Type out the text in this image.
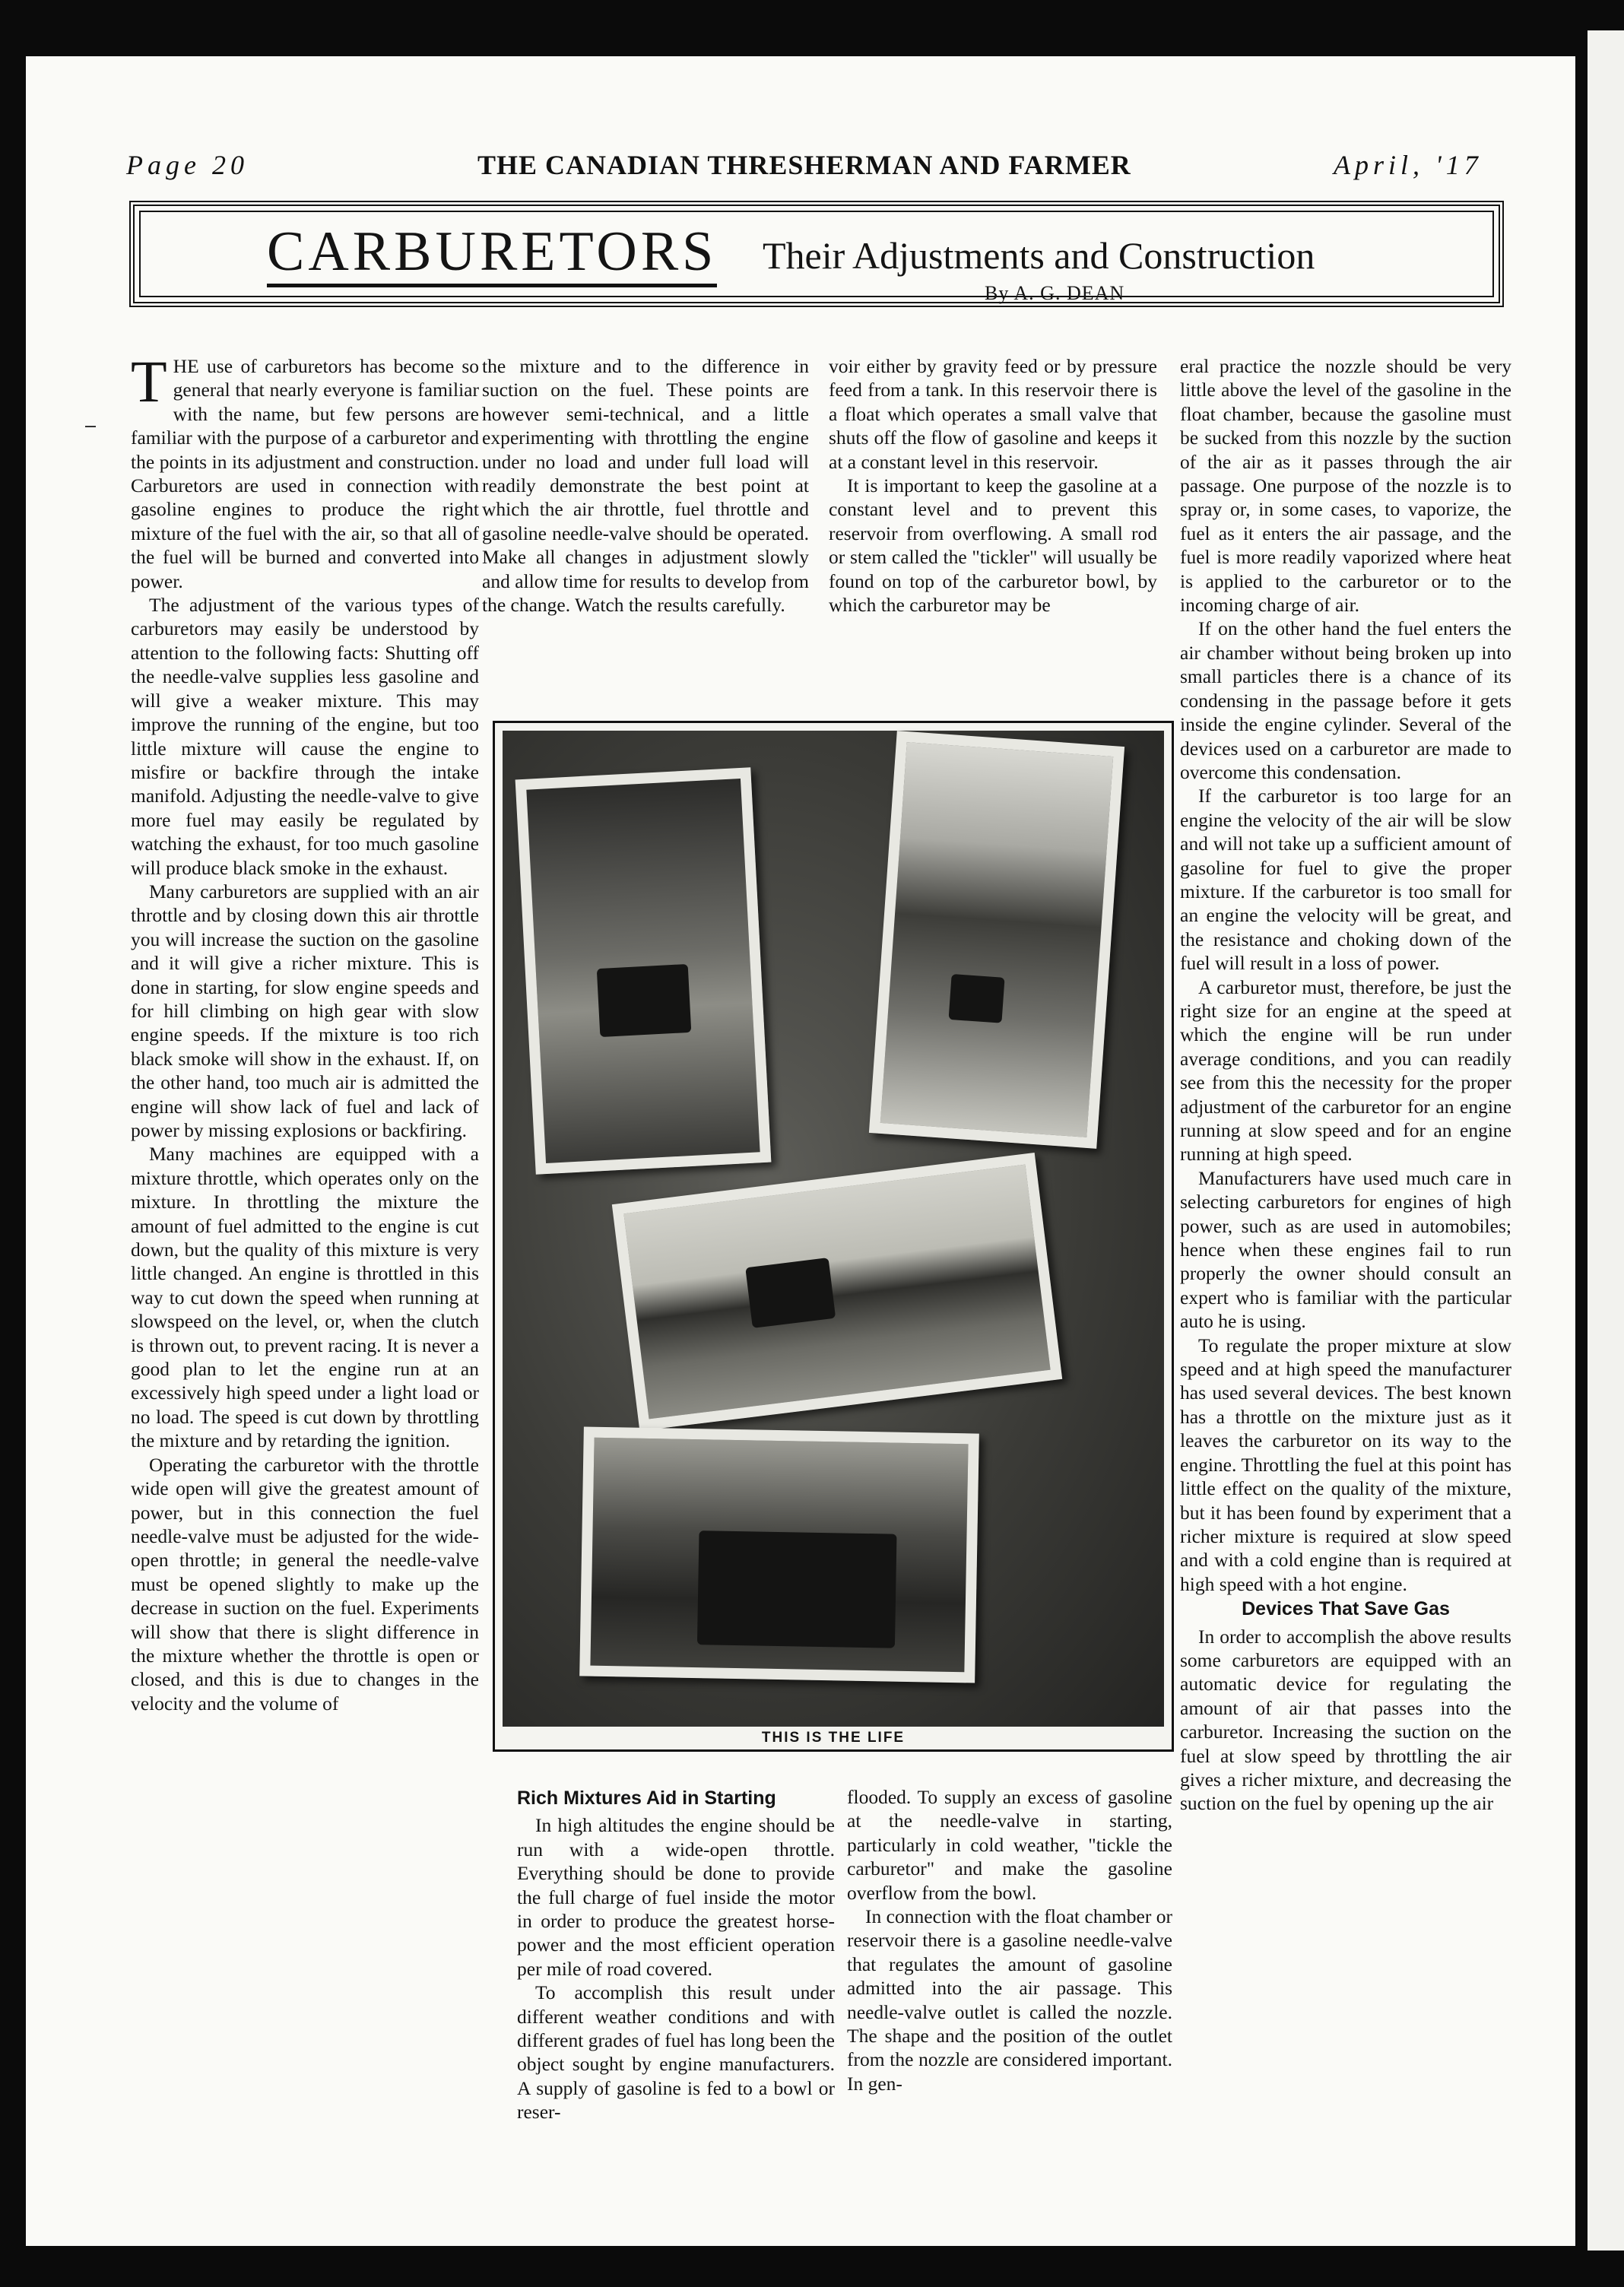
Page 20	THE CANADIAN THRESHERMAN AND FARMER	April, '17
CARBURETORS Their Adjustments and Construction
By A. G. DEAN

THE use of carburetors has become so general that nearly everyone is familiar with the name, but few persons are familiar with the purpose of a carburetor and the points in its adjustment and construction. Carburetors are used in connection with gasoline engines to produce the right mixture of the fuel with the air, so that all of the fuel will be burned and converted into power.

The adjustment of the various types of carburetors may easily be understood by attention to the following facts: Shutting off the needle-valve supplies less gasoline and will give a weaker mixture. This may improve the running of the engine, but too little mixture will cause the engine to misfire or backfire through the intake manifold. Adjusting the needle-valve to give more fuel may easily be regulated by watching the exhaust, for too much gasoline will produce black smoke in the exhaust.

Many carburetors are supplied with an air throttle and by closing down this air throttle you will increase the suction on the gasoline and it will give a richer mixture. This is done in starting, for slow engine speeds and for hill climbing on high gear with slow engine speeds. If the mixture is too rich black smoke will show in the exhaust. If, on the other hand, too much air is admitted the engine will show lack of fuel and lack of power by missing explosions or backfiring.

Many machines are equipped with a mixture throttle, which operates only on the mixture. In throttling the mixture the amount of fuel admitted to the engine is cut down, but the quality of this mixture is very little changed. An engine is throttled in this way to cut down the speed when running at slowspeed on the level, or, when the clutch is thrown out, to prevent racing. It is never a good plan to let the engine run at an excessively high speed under a light load or no load. The speed is cut down by throttling the mixture and by retarding the ignition.

Operating the carburetor with the throttle wide open will give the greatest amount of power, but in this connection the fuel needle-valve must be adjusted for the wide-open throttle; in general the needle-valve must be opened slightly to make up the decrease in suction on the fuel. Experiments will show that there is slight difference in the mixture whether the throttle is open or closed, and this is due to changes in the velocity and the volume of

the mixture and to the difference in suction on the fuel. These points are however semi-technical, and a little experimenting with throttling the engine under no load and under full load will readily demonstrate the best point at which the air throttle, fuel throttle and gasoline needle-valve should be operated. Make all changes in adjustment slowly and allow time for results to develop from the change. Watch the results carefully.

voir either by gravity feed or by pressure feed from a tank. In this reservoir there is a float which operates a small valve that shuts off the flow of gasoline and keeps it at a constant level in this reservoir.

It is important to keep the gasoline at a constant level and to prevent this reservoir from overflowing. A small rod or stem called the "tickler" will usually be found on top of the carburetor bowl, by which the carburetor may be

eral practice the nozzle should be very little above the level of the gasoline in the float chamber, because the gasoline must be sucked from this nozzle by the suction of the air as it passes through the air passage. One purpose of the nozzle is to spray or, in some cases, to vaporize, the fuel as it enters the air passage, and the fuel is more readily vaporized where heat is applied to the carburetor or to the incoming charge of air.

If on the other hand the fuel enters the air chamber without being broken up into small particles there is a chance of its condensing in the passage before it gets inside the engine cylinder. Several of the devices used on a carburetor are made to overcome this condensation.

If the carburetor is too large for an engine the velocity of the air will be slow and will not take up a sufficient amount of gasoline for fuel to give the proper mixture. If the carburetor is too small for an engine the velocity will be great, and the resistance and choking down of the fuel will result in a loss of power.

A carburetor must, therefore, be just the right size for an engine at the speed at which the engine will be run under average conditions, and you can readily see from this the necessity for the proper adjustment of the carburetor for an engine running at slow speed and for an engine running at high speed.

Manufacturers have used much care in selecting carburetors for engines of high power, such as are used in automobiles; hence when these engines fail to run properly the owner should consult an expert who is familiar with the particular auto he is using.

To regulate the proper mixture at slow speed and at high speed the manufacturer has used several devices. The best known has a throttle on the mixture just as it leaves the carburetor on its way to the engine. Throttling the fuel at this point has little effect on the quality of the mixture, but it has been found by experiment that a richer mixture is required at slow speed and with a cold engine than is required at high speed with a hot engine.

Devices That Save Gas

In order to accomplish the above results some carburetors are equipped with an automatic device for regulating the amount of air that passes into the carburetor. Increasing the suction on the fuel at slow speed by throttling the air gives a richer mixture, and decreasing the suction on the fuel by opening up the air

THIS IS THE LIFE
Rich Mixtures Aid in Starting

In high altitudes the engine should be run with a wide-open throttle. Everything should be done to provide the full charge of fuel inside the motor in order to produce the greatest horse-power and the most efficient operation per mile of road covered.

To accomplish this result under different weather conditions and with different grades of fuel has long been the object sought by engine manufacturers. A supply of gasoline is fed to a bowl or reser-

flooded. To supply an excess of gasoline at the needle-valve in starting, particularly in cold weather, "tickle the carburetor" and make the gasoline overflow from the bowl.

In connection with the float chamber or reservoir there is a gasoline needle-valve that regulates the amount of gasoline admitted into the air passage. This needle-valve outlet is called the nozzle. The shape and the position of the outlet from the nozzle are considered important. In gen-
